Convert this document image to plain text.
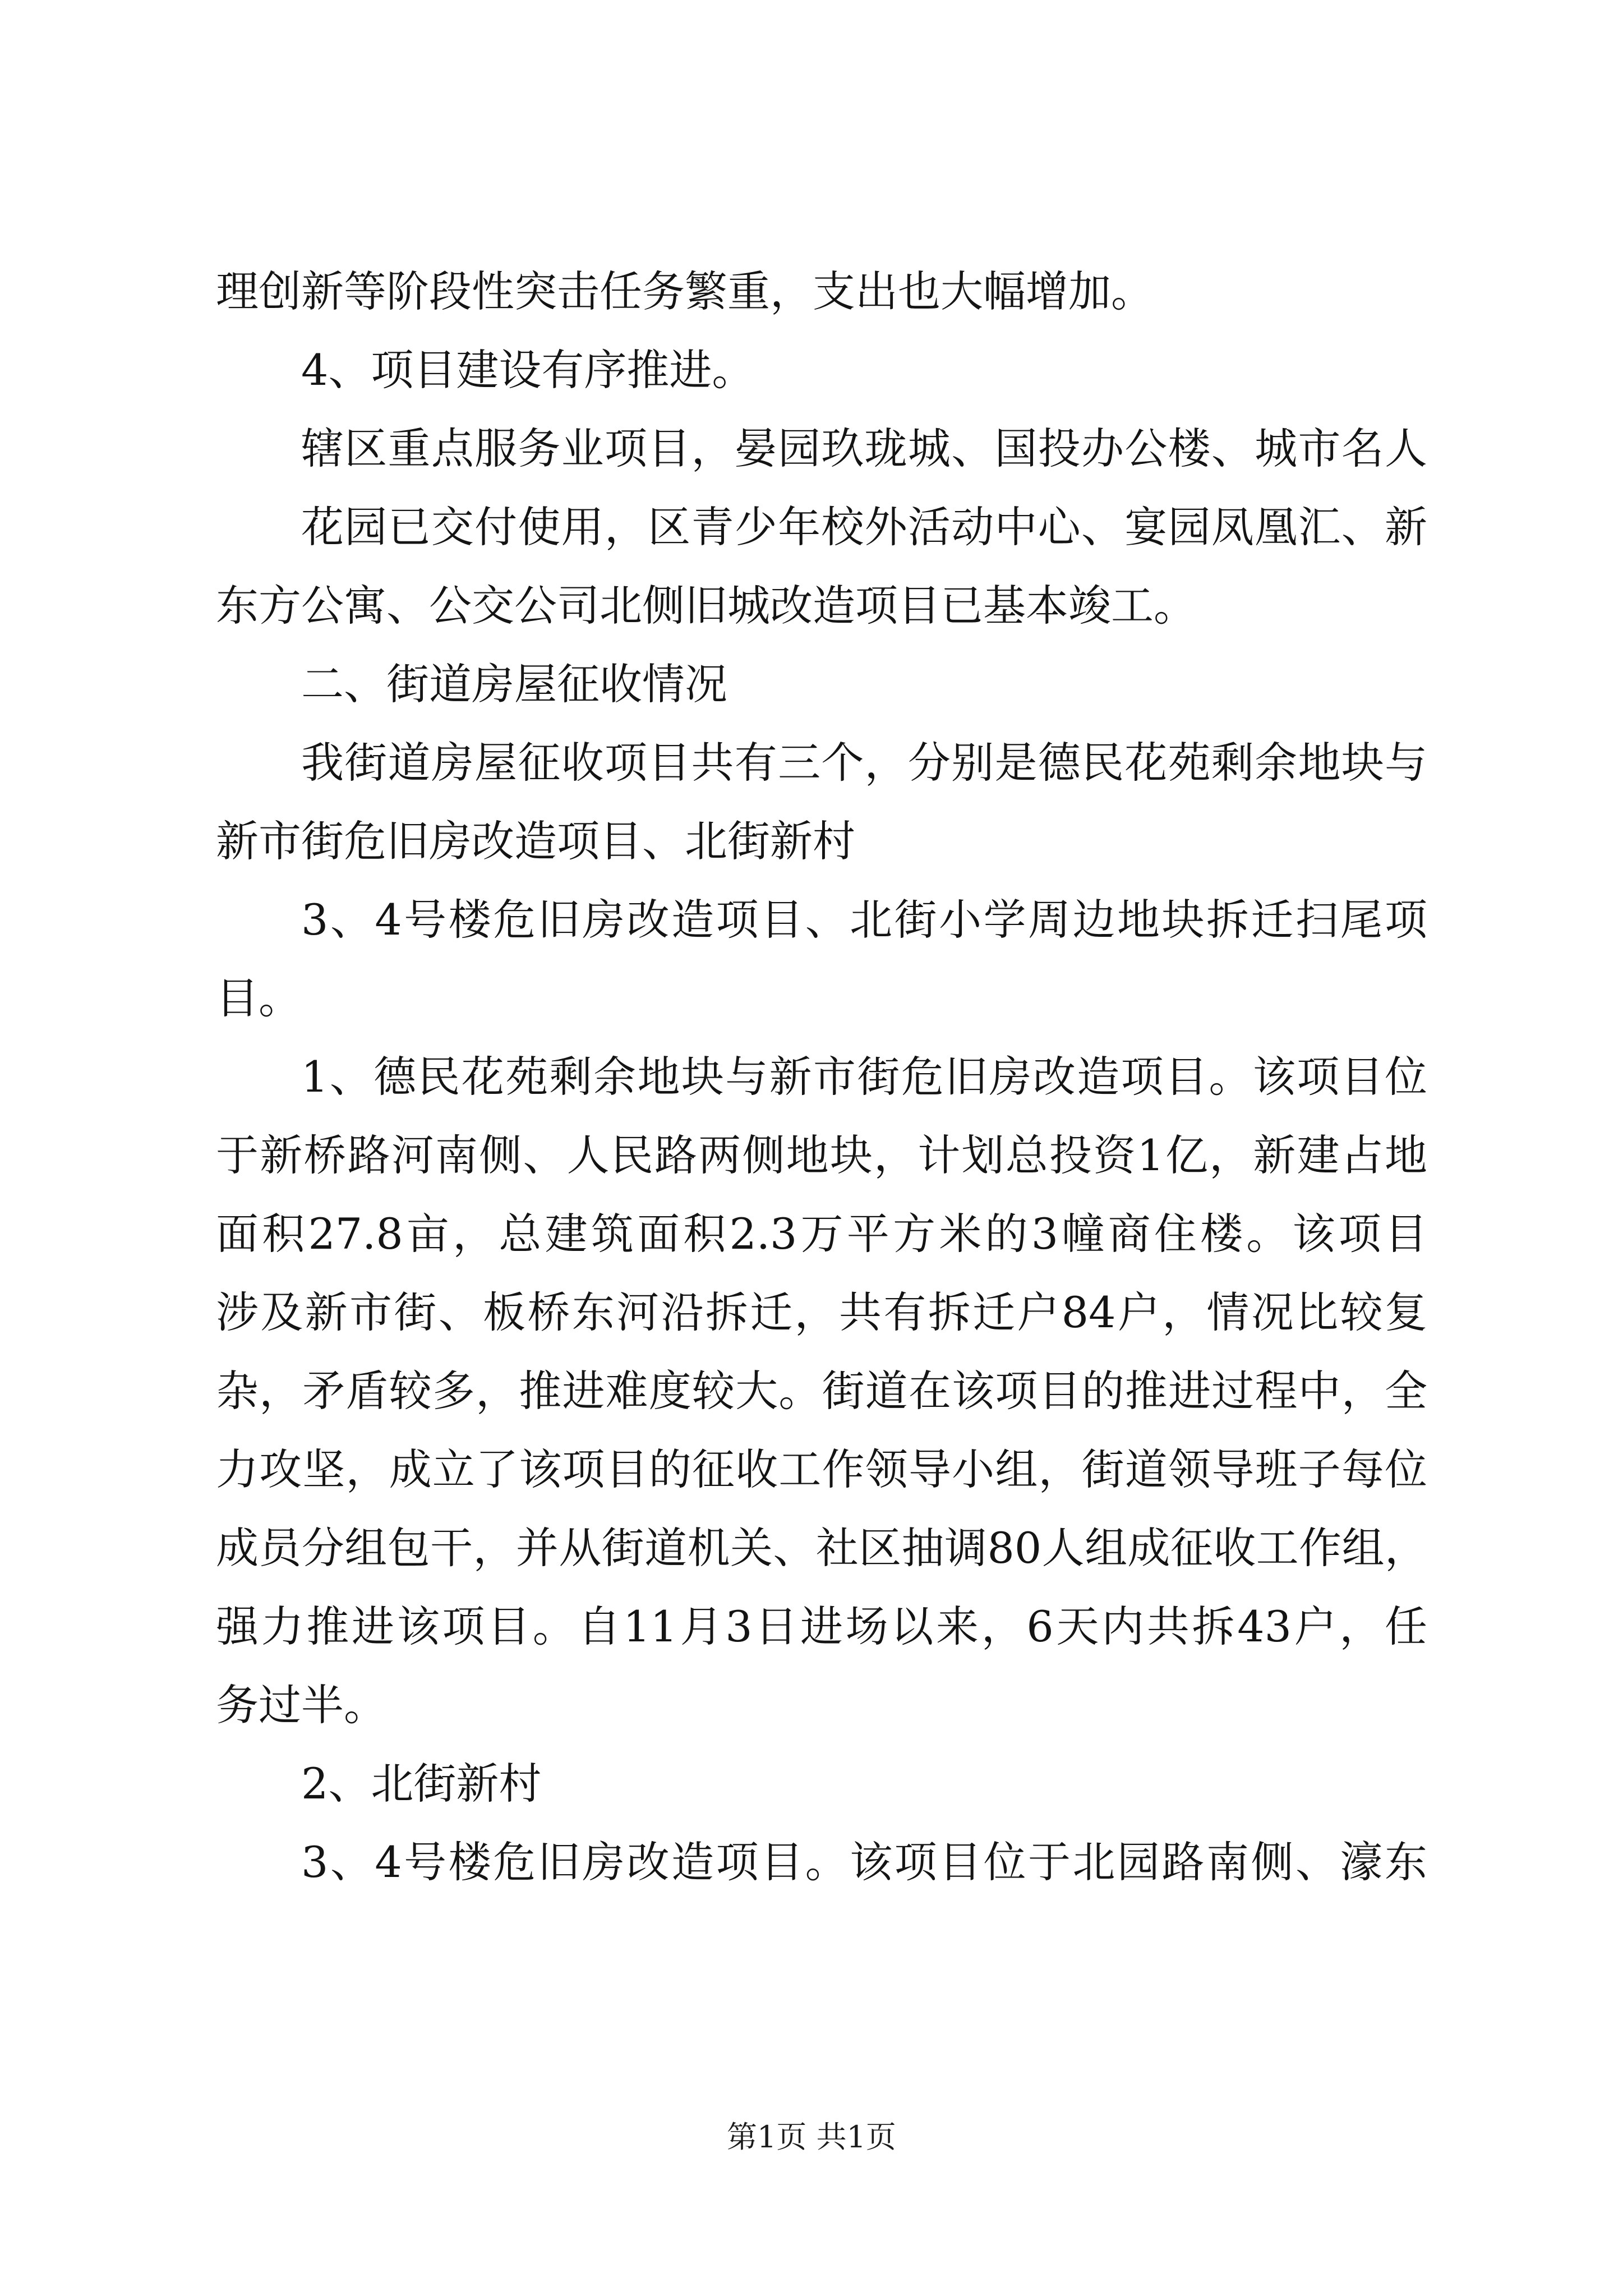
理创新等阶段性突击任务繁重，支出也大幅增加。
4、项目建设有序推进。
辖区重点服务业项目，晏园玖珑城、国投办公楼、城市名人
花园已交付使用，区青少年校外活动中心、宴园凤凰汇、新
东方公寓、公交公司北侧旧城改造项目已基本竣工。
二、街道房屋征收情况
我街道房屋征收项目共有三个，分别是德民花苑剩余地块与
新市街危旧房改造项目、北街新村
3、4号楼危旧房改造项目、北街小学周边地块拆迁扫尾项
目。
1、德民花苑剩余地块与新市街危旧房改造项目。该项目位
于新桥路河南侧、人民路两侧地块，计划总投资1亿，新建占地
面积27.8亩，总建筑面积2.3万平方米的3幢商住楼。该项目
涉及新市街、板桥东河沿拆迁，共有拆迁户84户，情况比较复
杂，矛盾较多，推进难度较大。街道在该项目的推进过程中，全
力攻坚，成立了该项目的征收工作领导小组，街道领导班子每位
成员分组包干，并从街道机关、社区抽调80人组成征收工作组，
强力推进该项目。自11月3日进场以来，6天内共拆43户，任
务过半。
2、北街新村
3、4号楼危旧房改造项目。该项目位于北园路南侧、濠东
第1页 共1页
